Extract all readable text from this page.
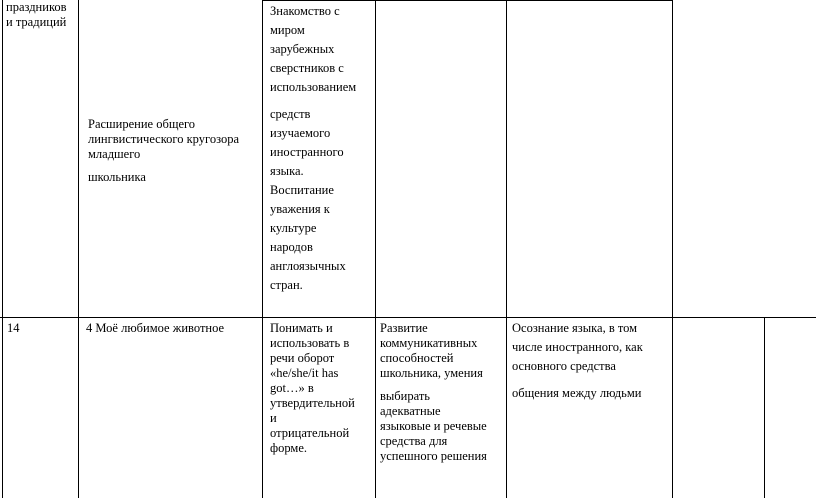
праздников

и традиций

Расширение общего

лингвистического кругозора

младшего

школьника

Знакомство с

миром

зарубежных

сверстников с

использованием

средств

изучаемого

иностранного

языка.

Воспитание

уважения к

культуре

народов

англоязычных

стран.

14	4 Моё любимое животное	Понимать и

использовать в

речи оборот

«he/she/it has

got…» в

утвердительной

и

отрицательной

форме.

Развитие

коммуникативных

способностей

школьника, умения

выбирать

адекватные

языковые и речевые

средства для

успешного решения

Осознание языка, в том

числе иностранного, как

основного средства

общения между людьми
